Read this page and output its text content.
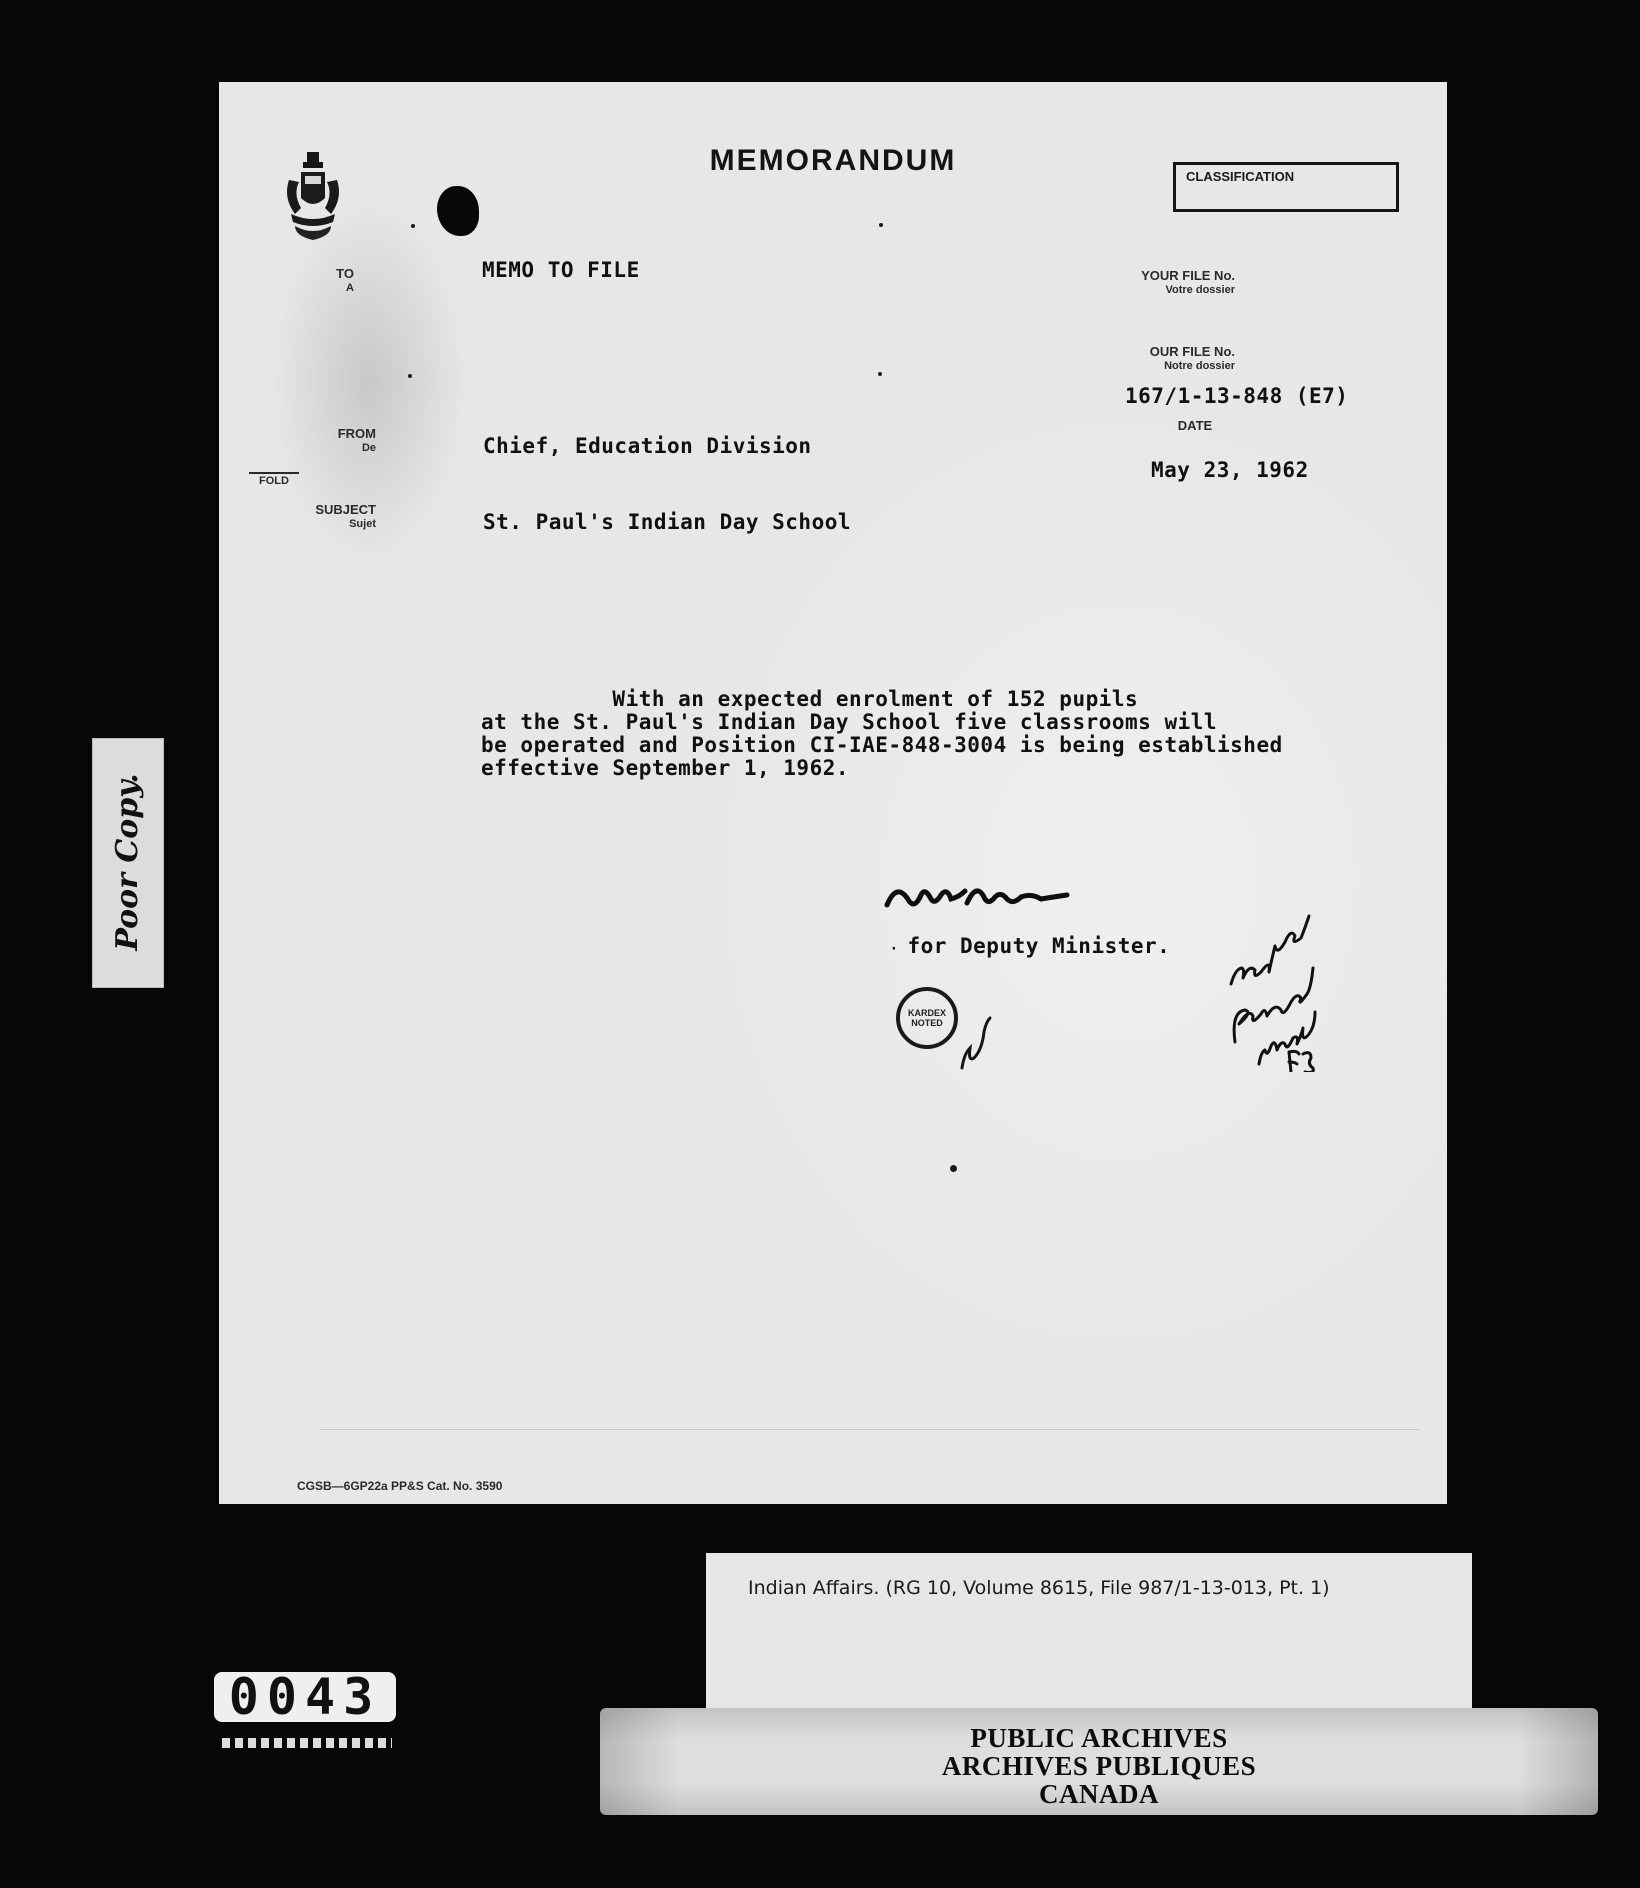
MEMORANDUM	CLASSIFICATION
TO
A
MEMO TO FILE	YOUR FILE No.
Votre dossier
OUR FILE No.
Notre dossier
167/1-13-848 (E7)
DATE
May 23, 1962
FROM
De	Chief, Education Division
FOLD
SUBJECT
Sujet	St. Paul's Indian Day School
With an expected enrolment of 152 pupils
at the St. Paul's Indian Day School five classrooms will
be operated and Position CI-IAE-848-3004 is being established
effective September 1, 1962.

· for Deputy Minister.

KARDEX
NOTED
CGSB—6GP22a PP&S Cat. No. 3590
Poor Copy.
Indian Affairs. (RG 10, Volume 8615, File 987/1-13-013, Pt. 1)
0043
PUBLIC ARCHIVES
ARCHIVES PUBLIQUES
CANADA
